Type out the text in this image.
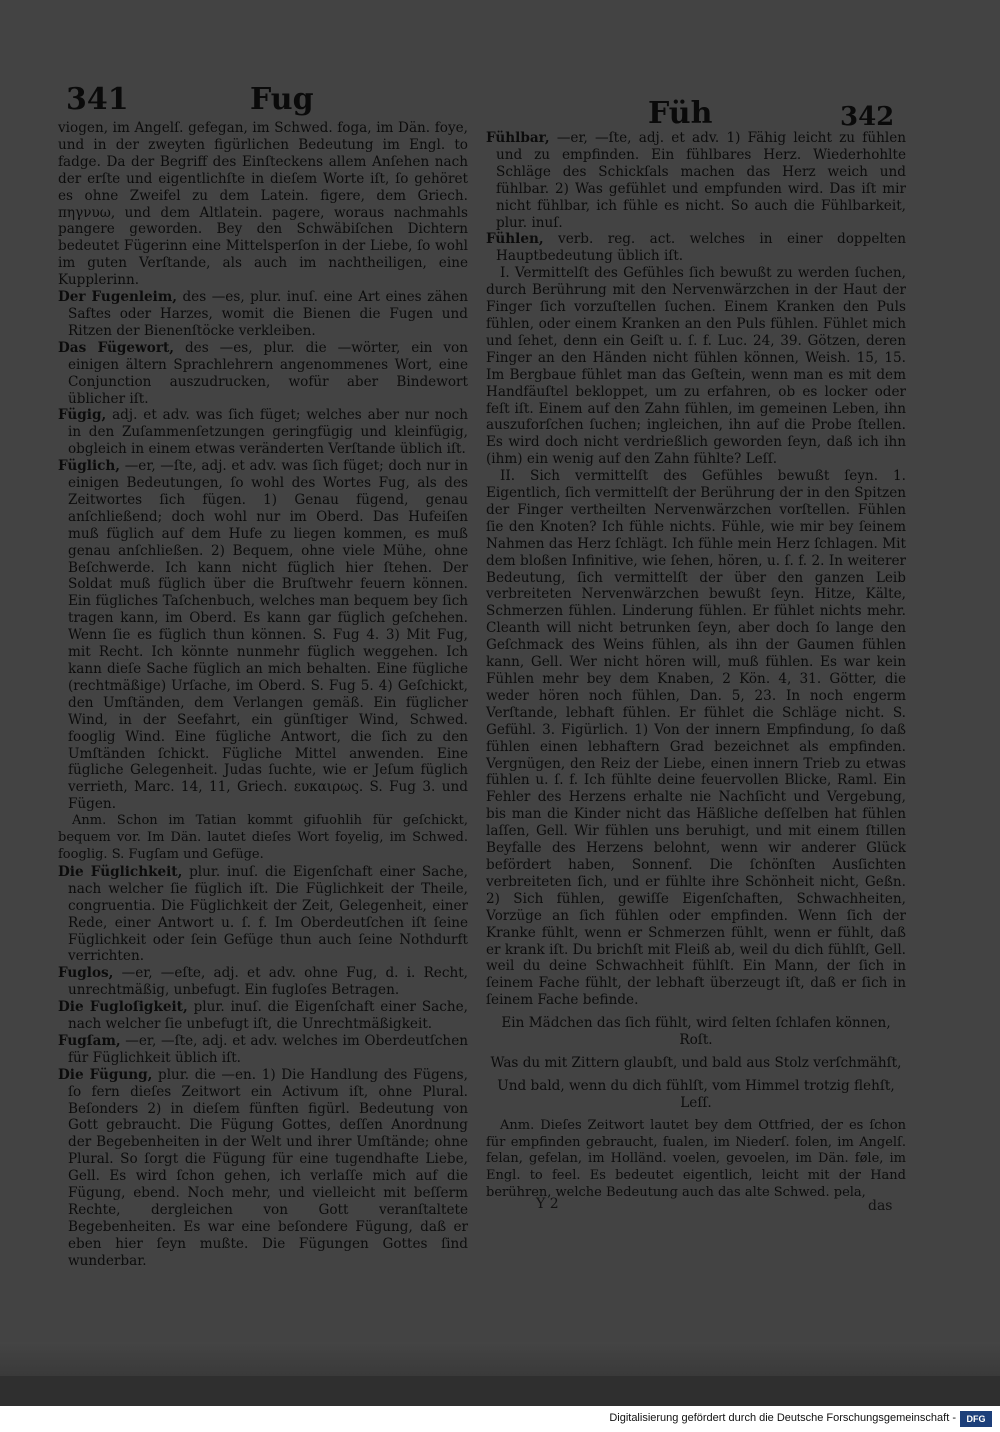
341	Fug	Füh	342

viogen, im Angelſ. gefegan, im Schwed. foga, im Dän. foye, und in der zweyten figürlichen Bedeutung im Engl. to fadge. Da der Begriff des Einſteckens allem Anſehen nach der erſte und eigentlichſte in dieſem Worte iſt, ſo gehöret es ohne Zweifel zu dem Latein. figere, dem Griech. πηγνυω, und dem Altlatein. pagere, woraus nachmahls pangere geworden. Bey den Schwäbiſchen Dichtern bedeutet Fügerinn eine Mittelsperſon in der Liebe, ſo wohl im guten Verſtande, als auch im nachtheiligen, eine Kupplerinn.

Der Fugenleim, des —es, plur. inuſ. eine Art eines zähen Saftes oder Harzes, womit die Bienen die Fugen und Ritzen der Bienenſtöcke verkleiben.

Das Fügewort, des —es, plur. die —wörter, ein von einigen ältern Sprachlehrern angenommenes Wort, eine Conjunction auszudrucken, wofür aber Bindewort üblicher iſt.

Fügig, adj. et adv. was ſich füget; welches aber nur noch in den Zuſammenſetzungen geringfügig und kleinfügig, obgleich in einem etwas veränderten Verſtande üblich iſt.

Füglich, —er, —ſte, adj. et adv. was ſich füget; doch nur in einigen Bedeutungen, ſo wohl des Wortes Fug, als des Zeitwortes ſich fügen. 1) Genau fügend, genau anſchließend; doch wohl nur im Oberd. Das Hufeiſen muß füglich auf dem Hufe zu liegen kommen, es muß genau anſchließen. 2) Bequem, ohne viele Mühe, ohne Beſchwerde. Ich kann nicht füglich hier ſtehen. Der Soldat muß füglich über die Bruſtwehr feuern können. Ein fügliches Taſchenbuch, welches man bequem bey ſich tragen kann, im Oberd. Es kann gar füglich geſchehen. Wenn ſie es füglich thun können. S. Fug 4. 3) Mit Fug, mit Recht. Ich könnte nunmehr füglich weggehen. Ich kann dieſe Sache füglich an mich behalten. Eine fügliche (rechtmäßige) Urſache, im Oberd. S. Fug 5. 4) Geſchickt, den Umſtänden, dem Verlangen gemäß. Ein füglicher Wind, in der Seefahrt, ein günſtiger Wind, Schwed. fooglig Wind. Eine fügliche Antwort, die ſich zu den Umſtänden ſchickt. Fügliche Mittel anwenden. Eine fügliche Gelegenheit. Judas ſuchte, wie er Jeſum füglich verrieth, Marc. 14, 11, Griech. ευκαιρως. S. Fug 3. und Fügen.

Anm. Schon im Tatian kommt gifuohlih für geſchickt, bequem vor. Im Dän. lautet dieſes Wort foyelig, im Schwed. fooglig. S. Fugſam und Gefüge.

Die Füglichkeit, plur. inuſ. die Eigenſchaft einer Sache, nach welcher ſie füglich iſt. Die Füglichkeit der Theile, congruentia. Die Füglichkeit der Zeit, Gelegenheit, einer Rede, einer Antwort u. ſ. f. Im Oberdeutſchen iſt ſeine Füglichkeit oder ſein Gefüge thun auch ſeine Nothdurft verrichten.

Fuglos, —er, —eſte, adj. et adv. ohne Fug, d. i. Recht, unrechtmäßig, unbefugt. Ein fugloſes Betragen.

Die Fugloſigkeit, plur. inuſ. die Eigenſchaft einer Sache, nach welcher ſie unbefugt iſt, die Unrechtmäßigkeit.

Fugſam, —er, —ſte, adj. et adv. welches im Oberdeutſchen für Füglichkeit üblich iſt.

Die Fügung, plur. die —en. 1) Die Handlung des Fügens, ſo fern dieſes Zeitwort ein Activum iſt, ohne Plural. Beſonders 2) in dieſem fünften figürl. Bedeutung von Gott gebraucht. Die Fügung Gottes, deſſen Anordnung der Begebenheiten in der Welt und ihrer Umſtände; ohne Plural. So ſorgt die Fügung für eine tugendhafte Liebe, Gell. Es wird ſchon gehen, ich verlaſſe mich auf die Fügung, ebend. Noch mehr, und vielleicht mit beſſerm Rechte, dergleichen von Gott veranſtaltete Begebenheiten. Es war eine beſondere Fügung, daß er eben hier ſeyn mußte. Die Fügungen Gottes ſind wunderbar.

Fühlbar, —er, —ſte, adj. et adv. 1) Fähig leicht zu fühlen und zu empfinden. Ein fühlbares Herz. Wiederhohlte Schläge des Schickſals machen das Herz weich und fühlbar. 2) Was gefühlet und empfunden wird. Das iſt mir nicht fühlbar, ich fühle es nicht. So auch die Fühlbarkeit, plur. inuſ.

Fühlen, verb. reg. act. welches in einer doppelten Hauptbedeutung üblich iſt.

I. Vermittelſt des Gefühles ſich bewußt zu werden ſuchen, durch Berührung mit den Nervenwärzchen in der Haut der Finger ſich vorzuſtellen ſuchen. Einem Kranken den Puls fühlen, oder einem Kranken an den Puls fühlen. Fühlet mich und ſehet, denn ein Geiſt u. ſ. f. Luc. 24, 39. Götzen, deren Finger an den Händen nicht fühlen können, Weish. 15, 15. Im Bergbaue fühlet man das Geſtein, wenn man es mit dem Handfäuſtel bekloppet, um zu erfahren, ob es locker oder feſt iſt. Einem auf den Zahn fühlen, im gemeinen Leben, ihn auszuforſchen ſuchen; ingleichen, ihn auf die Probe ſtellen. Es wird doch nicht verdrießlich geworden ſeyn, daß ich ihn (ihm) ein wenig auf den Zahn fühlte? Leſſ.

II. Sich vermittelſt des Gefühles bewußt ſeyn. 1. Eigentlich, ſich vermittelſt der Berührung der in den Spitzen der Finger vertheilten Nervenwärzchen vorſtellen. Fühlen ſie den Knoten? Ich fühle nichts. Fühle, wie mir bey ſeinem Nahmen das Herz ſchlägt. Ich fühle mein Herz ſchlagen. Mit dem bloßen Infinitive, wie ſehen, hören, u. ſ. f. 2. In weiterer Bedeutung, ſich vermittelſt der über den ganzen Leib verbreiteten Nervenwärzchen bewußt ſeyn. Hitze, Kälte, Schmerzen fühlen. Linderung fühlen. Er fühlet nichts mehr. Cleanth will nicht betrunken ſeyn, aber doch ſo lange den Geſchmack des Weins fühlen, als ihn der Gaumen fühlen kann, Gell. Wer nicht hören will, muß fühlen. Es war kein Fühlen mehr bey dem Knaben, 2 Kön. 4, 31. Götter, die weder hören noch fühlen, Dan. 5, 23. In noch engerm Verſtande, lebhaft fühlen. Er fühlet die Schläge nicht. S. Gefühl. 3. Figürlich. 1) Von der innern Empfindung, ſo daß fühlen einen lebhaftern Grad bezeichnet als empfinden. Vergnügen, den Reiz der Liebe, einen innern Trieb zu etwas fühlen u. ſ. f. Ich fühlte deine feuervollen Blicke, Raml. Ein Fehler des Herzens erhalte nie Nachſicht und Vergebung, bis man die Kinder nicht das Häßliche deſſelben hat fühlen laſſen, Gell. Wir fühlen uns beruhigt, und mit einem ſtillen Beyfalle des Herzens belohnt, wenn wir anderer Glück befördert haben, Sonnenf. Die ſchönſten Ausſichten verbreiteten ſich, und er fühlte ihre Schönheit nicht, Geßn. 2) Sich fühlen, gewiſſe Eigenſchaften, Schwachheiten, Vorzüge an ſich fühlen oder empfinden. Wenn ſich der Kranke fühlt, wenn er Schmerzen fühlt, wenn er fühlt, daß er krank iſt. Du brichſt mit Fleiß ab, weil du dich fühlſt, Gell. weil du deine Schwachheit fühlſt. Ein Mann, der ſich in ſeinem Fache fühlt, der lebhaft überzeugt iſt, daß er ſich in ſeinem Fache befinde.

Ein Mädchen das ſich fühlt, wird ſelten ſchlafen können, Roſt.

Was du mit Zittern glaubſt, und bald aus Stolz verſchmähſt,

Und bald, wenn du dich fühlſt, vom Himmel trotzig flehſt, Leſſ.

Anm. Dieſes Zeitwort lautet bey dem Ottfried, der es ſchon für empfinden gebraucht, fualen, im Niederſ. folen, im Angelſ. felan, gefelan, im Holländ. voelen, gevoelen, im Dän. føle, im Engl. to feel. Es bedeutet eigentlich, leicht mit der Hand berühren, welche Bedeutung auch das alte Schwed. pela,

Y 2	das
Digitalisierung gefördert durch die Deutsche Forschungsgemeinschaft -	DFG
